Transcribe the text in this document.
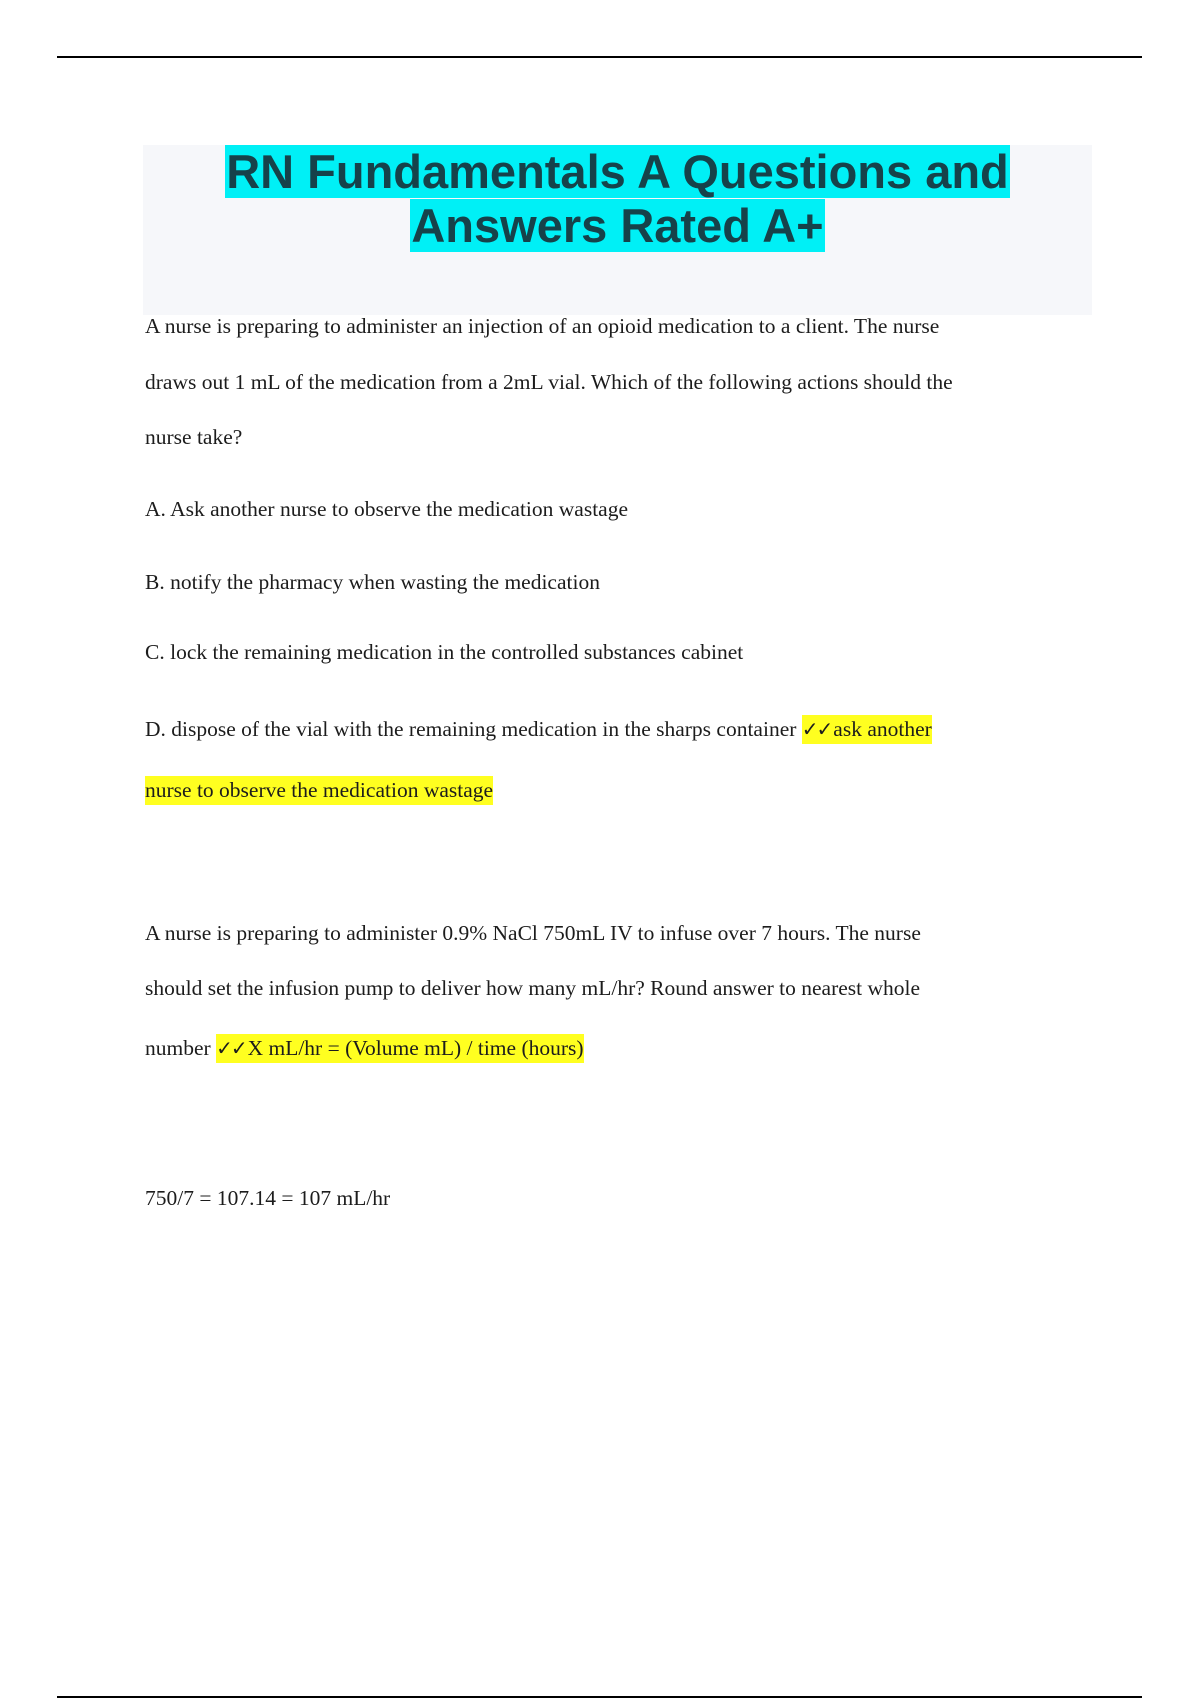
RN Fundamentals A Questions and
Answers Rated A+

A nurse is preparing to administer an injection of an opioid medication to a client. The nurse

draws out 1 mL of the medication from a 2mL vial. Which of the following actions should the

nurse take?

A. Ask another nurse to observe the medication wastage

B. notify the pharmacy when wasting the medication

C. lock the remaining medication in the controlled substances cabinet

D. dispose of the vial with the remaining medication in the sharps container ✓✓ask another

nurse to observe the medication wastage

A nurse is preparing to administer 0.9% NaCl 750mL IV to infuse over 7 hours. The nurse

should set the infusion pump to deliver how many mL/hr? Round answer to nearest whole

number ✓✓X mL/hr = (Volume mL) / time (hours)

750/7 = 107.14 = 107 mL/hr
